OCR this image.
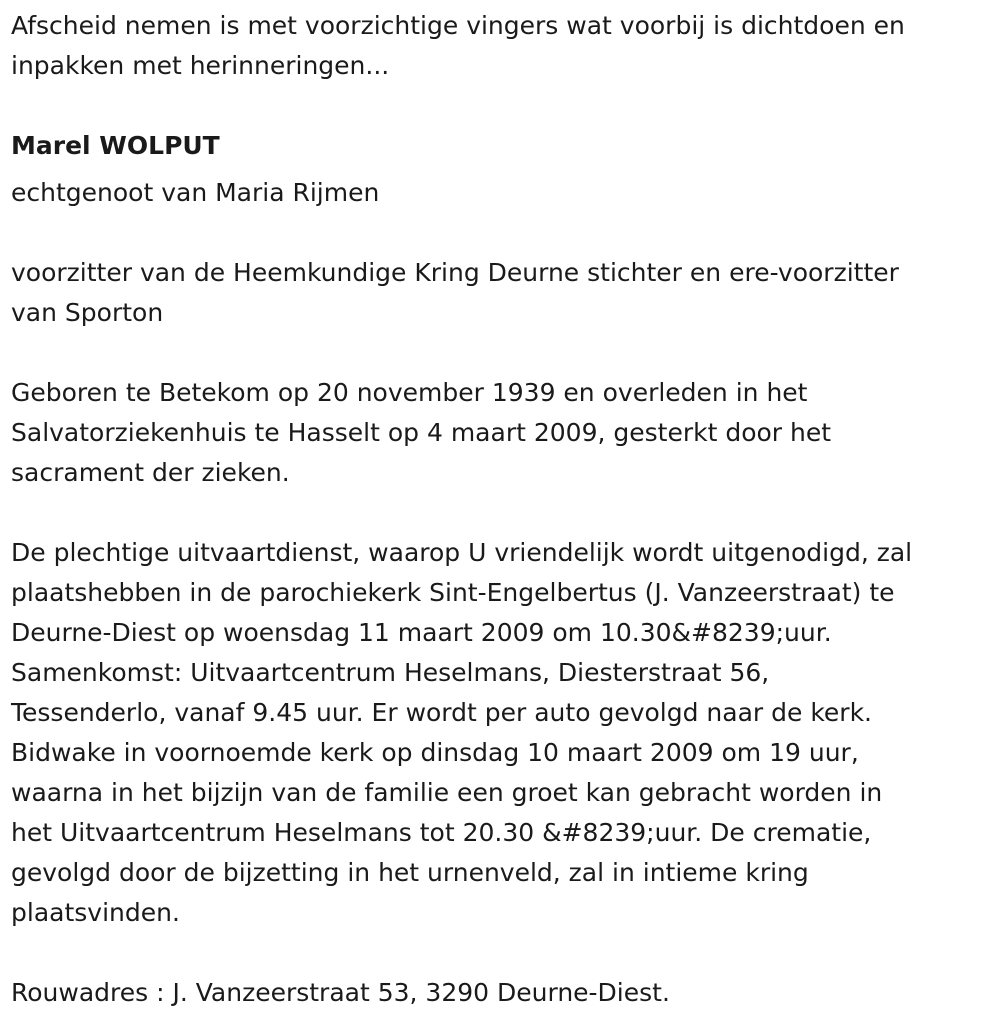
Afscheid nemen is met voorzichtige vingers wat voorbij is dichtdoen en
inpakken met herinneringen...

Marel WOLPUT

echtgenoot van Maria Rijmen

voorzitter van de Heemkundige Kring Deurne stichter en ere-voorzitter
van Sporton

Geboren te Betekom op 20 november 1939 en overleden in het
Salvatorziekenhuis te Hasselt op 4 maart 2009, gesterkt door het
sacrament der zieken.

De plechtige uitvaartdienst, waarop U vriendelijk wordt uitgenodigd, zal
plaatshebben in de parochiekerk Sint-Engelbertus (J. Vanzeerstraat) te
Deurne-Diest op woensdag 11 maart 2009 om 10.30&#8239;uur.
Samenkomst: Uitvaartcentrum Heselmans, Diesterstraat 56,
Tessenderlo, vanaf 9.45 uur. Er wordt per auto gevolgd naar de kerk.
Bidwake in voornoemde kerk op dinsdag 10 maart 2009 om 19 uur,
waarna in het bijzijn van de familie een groet kan gebracht worden in
het Uitvaartcentrum Heselmans tot 20.30 &#8239;uur. De crematie,
gevolgd door de bijzetting in het urnenveld, zal in intieme kring
plaatsvinden.

Rouwadres : J. Vanzeerstraat 53, 3290 Deurne-Diest.
